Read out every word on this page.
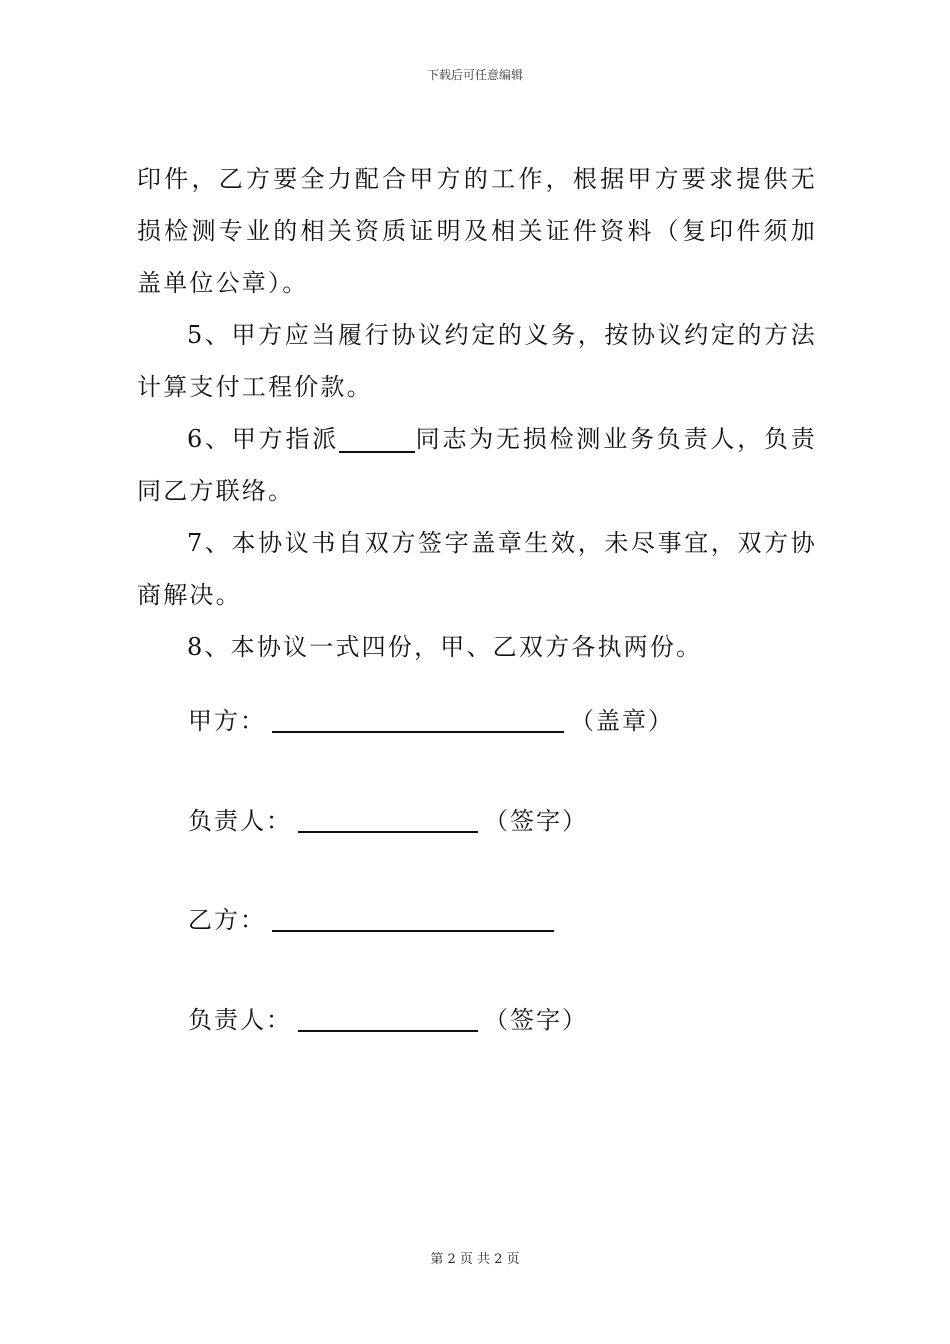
下载后可任意编辑

印件，乙方要全力配合甲方的工作，根据甲方要求提供无损检测专业的相关资质证明及相关证件资料（复印件须加盖单位公章）。

5、甲方应当履行协议约定的义务，按协议约定的方法计算支付工程价款。

6、甲方指派	同志为无损检测业务负责人，负责同乙方联络。

7、本协议书自双方签字盖章生效，未尽事宜，双方协商解决。

8、本协议一式四份，甲、乙双方各执两份。

甲方：	（盖章）
负责人：	（签字）
乙方：
负责人：	（签字）
第 2 页 共 2 页
